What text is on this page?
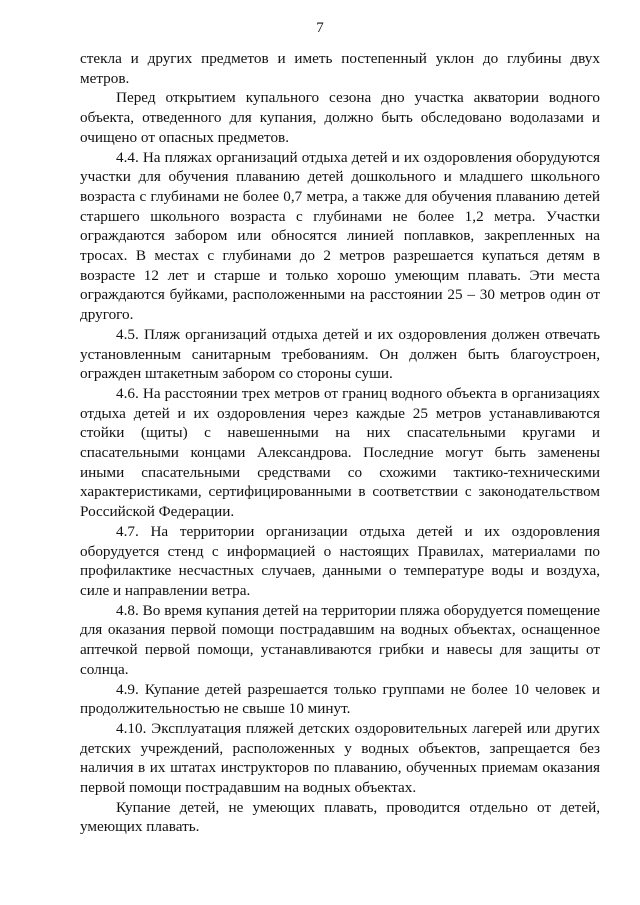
7

стекла и других предметов и иметь постепенный уклон до глубины двух метров.

Перед открытием купального сезона дно участка акватории водного объекта, отведенного для купания, должно быть обследовано водолазами и очищено от опасных предметов.

4.4. На пляжах организаций отдыха детей и их оздоровления оборудуются участки для обучения плаванию детей дошкольного и младшего школьного возраста с глубинами не более 0,7 метра, а также для обучения плаванию детей старшего школьного возраста с глубинами не более 1,2 метра. Участки ограждаются забором или обносятся линией поплавков, закрепленных на тросах. В местах с глубинами до 2 метров разрешается купаться детям в возрасте 12 лет и старше и только хорошо умеющим плавать. Эти места ограждаются буйками, расположенными на расстоянии 25 – 30 метров один от другого.

4.5. Пляж организаций отдыха детей и их оздоровления должен отвечать установленным санитарным требованиям. Он должен быть благоустроен, огражден штакетным забором со стороны суши.

4.6. На расстоянии трех метров от границ водного объекта в организациях отдыха детей и их оздоровления через каждые 25 метров устанавливаются стойки (щиты) с навешенными на них спасательными кругами и спасательными концами Александрова. Последние могут быть заменены иными спасательными средствами со схожими тактико-техническими характеристиками, сертифицированными в соответствии с законодательством Российской Федерации.

4.7. На территории организации отдыха детей и их оздоровления оборудуется стенд с информацией о настоящих Правилах, материалами по профилактике несчастных случаев, данными о температуре воды и воздуха, силе и направлении ветра.

4.8. Во время купания детей на территории пляжа оборудуется помещение для оказания первой помощи пострадавшим на водных объектах, оснащенное аптечкой первой помощи, устанавливаются грибки и навесы для защиты от солнца.

4.9. Купание детей разрешается только группами не более 10 человек и продолжительностью не свыше 10 минут.

4.10. Эксплуатация пляжей детских оздоровительных лагерей или других детских учреждений, расположенных у водных объектов, запрещается без наличия в их штатах инструкторов по плаванию, обученных приемам оказания первой помощи пострадавшим на водных объектах.

Купание детей, не умеющих плавать, проводится отдельно от детей, умеющих плавать.
